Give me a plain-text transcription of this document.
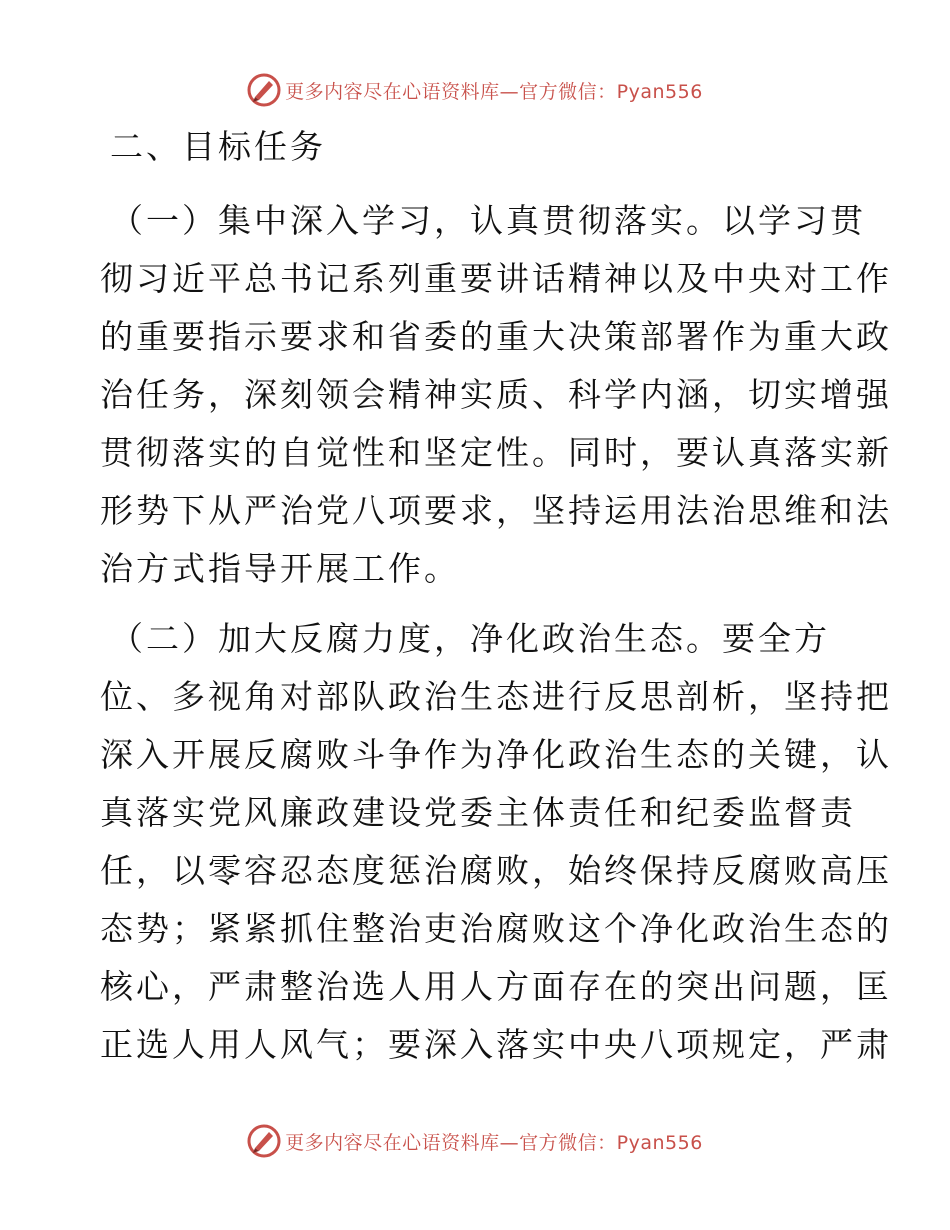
更多内容尽在心语资料库—官方微信：Pyan556
二、目标任务

（一）集中深入学习，认真贯彻落实。以学习贯
彻习近平总书记系列重要讲话精神以及中央对工作
的重要指示要求和省委的重大决策部署作为重大政
治任务，深刻领会精神实质、科学内涵，切实增强
贯彻落实的自觉性和坚定性。同时，要认真落实新
形势下从严治党八项要求，坚持运用法治思维和法
治方式指导开展工作。

（二）加大反腐力度，净化政治生态。要全方
位、多视角对部队政治生态进行反思剖析，坚持把
深入开展反腐败斗争作为净化政治生态的关键，认
真落实党风廉政建设党委主体责任和纪委监督责
任，以零容忍态度惩治腐败，始终保持反腐败高压
态势；紧紧抓住整治吏治腐败这个净化政治生态的
核心，严肃整治选人用人方面存在的突出问题，匡
正选人用人风气；要深入落实中央八项规定，严肃

更多内容尽在心语资料库—官方微信：Pyan556
